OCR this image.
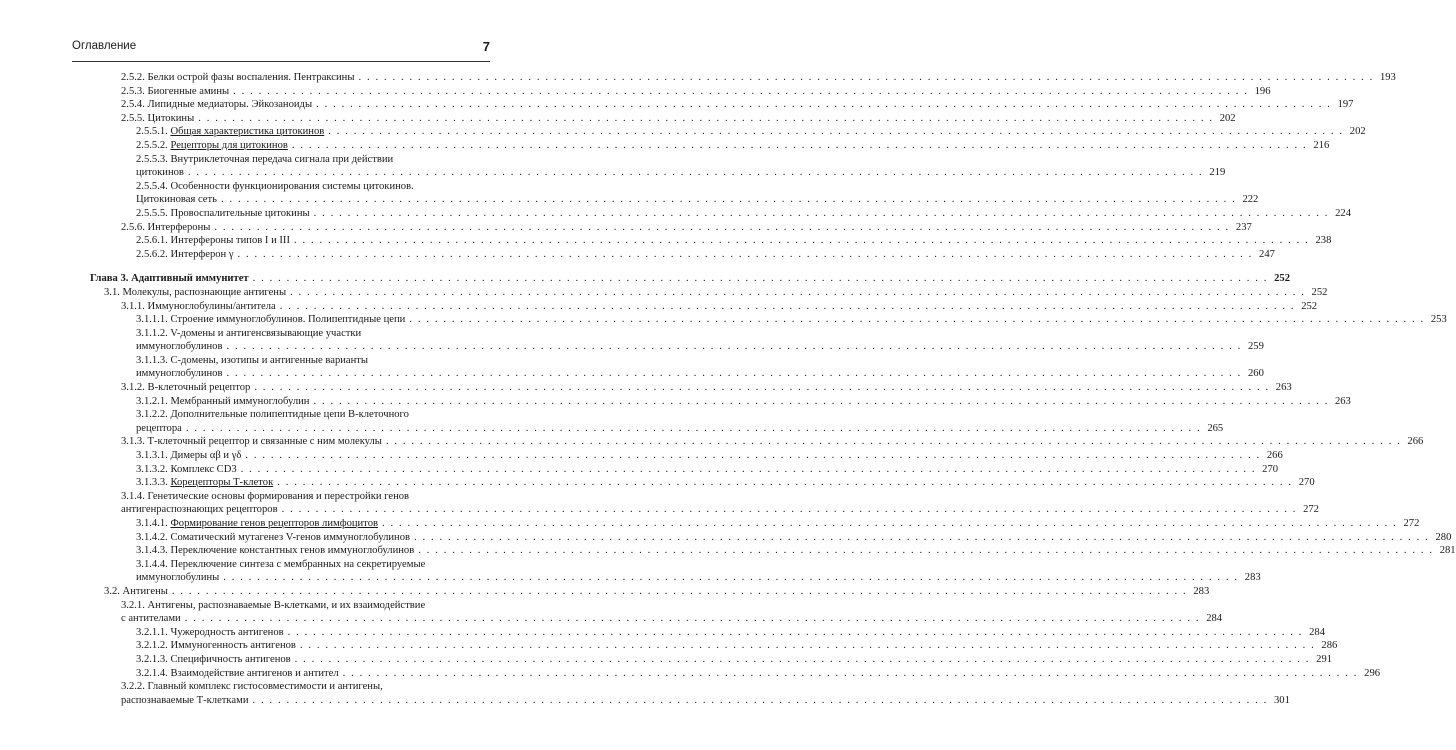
Оглавление	7
2.5.2. Белки острой фазы воспаления. Пентраксины . . . . . . . . . . . . . . . . . . . . . . . . . . . . . . . . . . . . . . . . . . . . . . . . . . . . . . . . . . . . . . . . . . . . . . . . . . . . . . . . . . . . . . . . . . . . . . . . . . . . . . . . . . . . . . . . . . . . . . . . 193
2.5.3. Биогенные амины . . . . . . . . . . . . . . . . . . . . . . . . . . . . . . . . . . . . . . . . . . . . . . . . . . . . . . . . . . . . . . . . . . . . . . . . . . . . . . . . . . . . . . . . . . . . . . . . . . . . . . . . . . . . . . . . . . . . . . . . 196
2.5.4. Липидные медиаторы. Эйкозаноиды . . . . . . . . . . . . . . . . . . . . . . . . . . . . . . . . . . . . . . . . . . . . . . . . . . . . . . . . . . . . . . . . . . . . . . . . . . . . . . . . . . . . . . . . . . . . . . . . . . . . . . . . . . . . . . . . . . . . . . . . 197
2.5.5. Цитокины . . . . . . . . . . . . . . . . . . . . . . . . . . . . . . . . . . . . . . . . . . . . . . . . . . . . . . . . . . . . . . . . . . . . . . . . . . . . . . . . . . . . . . . . . . . . . . . . . . . . . . . . . . . . . . . . . . . . . . . . 202
2.5.5.1. Общая характеристика цитокинов . . . . . . . . . . . . . . . . . . . . . . . . . . . . . . . . . . . . . . . . . . . . . . . . . . . . . . . . . . . . . . . . . . . . . . . . . . . . . . . . . . . . . . . . . . . . . . . . . . . . . . . . . . . . . . . . . . . . . . . . 202
2.5.5.2. Рецепторы для цитокинов . . . . . . . . . . . . . . . . . . . . . . . . . . . . . . . . . . . . . . . . . . . . . . . . . . . . . . . . . . . . . . . . . . . . . . . . . . . . . . . . . . . . . . . . . . . . . . . . . . . . . . . . . . . . . . . . . . . . . . . . 216
2.5.5.3. Внутриклеточная передача сигнала при действии
цитокинов . . . . . . . . . . . . . . . . . . . . . . . . . . . . . . . . . . . . . . . . . . . . . . . . . . . . . . . . . . . . . . . . . . . . . . . . . . . . . . . . . . . . . . . . . . . . . . . . . . . . . . . . . . . . . . . . . . . . . . . . 219
2.5.5.4. Особенности функционирования системы цитокинов.
Цитокиновая сеть . . . . . . . . . . . . . . . . . . . . . . . . . . . . . . . . . . . . . . . . . . . . . . . . . . . . . . . . . . . . . . . . . . . . . . . . . . . . . . . . . . . . . . . . . . . . . . . . . . . . . . . . . . . . . . . . . . . . . . . . 222
2.5.5.5. Провоспалительные цитокины . . . . . . . . . . . . . . . . . . . . . . . . . . . . . . . . . . . . . . . . . . . . . . . . . . . . . . . . . . . . . . . . . . . . . . . . . . . . . . . . . . . . . . . . . . . . . . . . . . . . . . . . . . . . . . . . . . . . . . . . 224
2.5.6. Интерфероны . . . . . . . . . . . . . . . . . . . . . . . . . . . . . . . . . . . . . . . . . . . . . . . . . . . . . . . . . . . . . . . . . . . . . . . . . . . . . . . . . . . . . . . . . . . . . . . . . . . . . . . . . . . . . . . . . . . . . . . . 237
2.5.6.1. Интерфероны типов I и III . . . . . . . . . . . . . . . . . . . . . . . . . . . . . . . . . . . . . . . . . . . . . . . . . . . . . . . . . . . . . . . . . . . . . . . . . . . . . . . . . . . . . . . . . . . . . . . . . . . . . . . . . . . . . . . . . . . . . . . . 238
2.5.6.2. Интерферон γ . . . . . . . . . . . . . . . . . . . . . . . . . . . . . . . . . . . . . . . . . . . . . . . . . . . . . . . . . . . . . . . . . . . . . . . . . . . . . . . . . . . . . . . . . . . . . . . . . . . . . . . . . . . . . . . . . . . . . . . . 247
Глава 3. Адаптивный иммунитет . . . . . . . . . . . . . . . . . . . . . . . . . . . . . . . . . . . . . . . . . . . . . . . . . . . . . . . . . . . . . . . . . . . . . . . . . . . . . . . . . . . . . . . . . . . . . . . . . . . . . . . . . . . . . . . . . . . . . . . . 252
3.1. Молекулы, распознающие антигены . . . . . . . . . . . . . . . . . . . . . . . . . . . . . . . . . . . . . . . . . . . . . . . . . . . . . . . . . . . . . . . . . . . . . . . . . . . . . . . . . . . . . . . . . . . . . . . . . . . . . . . . . . . . . . . . . . . . . . . . 252
3.1.1. Иммуноглобулины/антитела . . . . . . . . . . . . . . . . . . . . . . . . . . . . . . . . . . . . . . . . . . . . . . . . . . . . . . . . . . . . . . . . . . . . . . . . . . . . . . . . . . . . . . . . . . . . . . . . . . . . . . . . . . . . . . . . . . . . . . . . 252
3.1.1.1. Строение иммуноглобулинов. Полипептидные цепи . . . . . . . . . . . . . . . . . . . . . . . . . . . . . . . . . . . . . . . . . . . . . . . . . . . . . . . . . . . . . . . . . . . . . . . . . . . . . . . . . . . . . . . . . . . . . . . . . . . . . . . . . . . . . . . . . . . . . . . . 253
3.1.1.2. V-домены и антигенсвязывающие участки
иммуноглобулинов . . . . . . . . . . . . . . . . . . . . . . . . . . . . . . . . . . . . . . . . . . . . . . . . . . . . . . . . . . . . . . . . . . . . . . . . . . . . . . . . . . . . . . . . . . . . . . . . . . . . . . . . . . . . . . . . . . . . . . . . 259
3.1.1.3. С-домены, изотипы и антигенные варианты
иммуноглобулинов . . . . . . . . . . . . . . . . . . . . . . . . . . . . . . . . . . . . . . . . . . . . . . . . . . . . . . . . . . . . . . . . . . . . . . . . . . . . . . . . . . . . . . . . . . . . . . . . . . . . . . . . . . . . . . . . . . . . . . . . 260
3.1.2. В-клеточный рецептор . . . . . . . . . . . . . . . . . . . . . . . . . . . . . . . . . . . . . . . . . . . . . . . . . . . . . . . . . . . . . . . . . . . . . . . . . . . . . . . . . . . . . . . . . . . . . . . . . . . . . . . . . . . . . . . . . . . . . . . . 263
3.1.2.1. Мембранный иммуноглобулин . . . . . . . . . . . . . . . . . . . . . . . . . . . . . . . . . . . . . . . . . . . . . . . . . . . . . . . . . . . . . . . . . . . . . . . . . . . . . . . . . . . . . . . . . . . . . . . . . . . . . . . . . . . . . . . . . . . . . . . . 263
3.1.2.2. Дополнительные полипептидные цепи В-клеточного
рецептора . . . . . . . . . . . . . . . . . . . . . . . . . . . . . . . . . . . . . . . . . . . . . . . . . . . . . . . . . . . . . . . . . . . . . . . . . . . . . . . . . . . . . . . . . . . . . . . . . . . . . . . . . . . . . . . . . . . . . . . . 265
3.1.3. Т-клеточный рецептор и связанные с ним молекулы . . . . . . . . . . . . . . . . . . . . . . . . . . . . . . . . . . . . . . . . . . . . . . . . . . . . . . . . . . . . . . . . . . . . . . . . . . . . . . . . . . . . . . . . . . . . . . . . . . . . . . . . . . . . . . . . . . . . . . . . 266
3.1.3.1. Димеры αβ и γδ . . . . . . . . . . . . . . . . . . . . . . . . . . . . . . . . . . . . . . . . . . . . . . . . . . . . . . . . . . . . . . . . . . . . . . . . . . . . . . . . . . . . . . . . . . . . . . . . . . . . . . . . . . . . . . . . . . . . . . . . 266
3.1.3.2. Комплекс CD3 . . . . . . . . . . . . . . . . . . . . . . . . . . . . . . . . . . . . . . . . . . . . . . . . . . . . . . . . . . . . . . . . . . . . . . . . . . . . . . . . . . . . . . . . . . . . . . . . . . . . . . . . . . . . . . . . . . . . . . . . 270
3.1.3.3. Корецепторы Т-клеток . . . . . . . . . . . . . . . . . . . . . . . . . . . . . . . . . . . . . . . . . . . . . . . . . . . . . . . . . . . . . . . . . . . . . . . . . . . . . . . . . . . . . . . . . . . . . . . . . . . . . . . . . . . . . . . . . . . . . . . . 270
3.1.4. Генетические основы формирования и перестройки генов
антигенраспознающих рецепторов . . . . . . . . . . . . . . . . . . . . . . . . . . . . . . . . . . . . . . . . . . . . . . . . . . . . . . . . . . . . . . . . . . . . . . . . . . . . . . . . . . . . . . . . . . . . . . . . . . . . . . . . . . . . . . . . . . . . . . . . 272
3.1.4.1. Формирование генов рецепторов лимфоцитов . . . . . . . . . . . . . . . . . . . . . . . . . . . . . . . . . . . . . . . . . . . . . . . . . . . . . . . . . . . . . . . . . . . . . . . . . . . . . . . . . . . . . . . . . . . . . . . . . . . . . . . . . . . . . . . . . . . . . . . . 272
3.1.4.2. Соматический мутагенез V-генов иммуноглобулинов . . . . . . . . . . . . . . . . . . . . . . . . . . . . . . . . . . . . . . . . . . . . . . . . . . . . . . . . . . . . . . . . . . . . . . . . . . . . . . . . . . . . . . . . . . . . . . . . . . . . . . . . . . . . . . . . . . . . . . . . 280
3.1.4.3. Переключение константных генов иммуноглобулинов . . . . . . . . . . . . . . . . . . . . . . . . . . . . . . . . . . . . . . . . . . . . . . . . . . . . . . . . . . . . . . . . . . . . . . . . . . . . . . . . . . . . . . . . . . . . . . . . . . . . . . . . . . . . . . . . . . . . . . . . 281
3.1.4.4. Переключение синтеза с мембранных на секретируемые
иммуноглобулины . . . . . . . . . . . . . . . . . . . . . . . . . . . . . . . . . . . . . . . . . . . . . . . . . . . . . . . . . . . . . . . . . . . . . . . . . . . . . . . . . . . . . . . . . . . . . . . . . . . . . . . . . . . . . . . . . . . . . . . . 283
3.2. Антигены . . . . . . . . . . . . . . . . . . . . . . . . . . . . . . . . . . . . . . . . . . . . . . . . . . . . . . . . . . . . . . . . . . . . . . . . . . . . . . . . . . . . . . . . . . . . . . . . . . . . . . . . . . . . . . . . . . . . . . . . 283
3.2.1. Антигены, распознаваемые В-клетками, и их взаимодействие
с антителами . . . . . . . . . . . . . . . . . . . . . . . . . . . . . . . . . . . . . . . . . . . . . . . . . . . . . . . . . . . . . . . . . . . . . . . . . . . . . . . . . . . . . . . . . . . . . . . . . . . . . . . . . . . . . . . . . . . . . . . . 284
3.2.1.1. Чужеродность антигенов . . . . . . . . . . . . . . . . . . . . . . . . . . . . . . . . . . . . . . . . . . . . . . . . . . . . . . . . . . . . . . . . . . . . . . . . . . . . . . . . . . . . . . . . . . . . . . . . . . . . . . . . . . . . . . . . . . . . . . . . 284
3.2.1.2. Иммуногенность антигенов . . . . . . . . . . . . . . . . . . . . . . . . . . . . . . . . . . . . . . . . . . . . . . . . . . . . . . . . . . . . . . . . . . . . . . . . . . . . . . . . . . . . . . . . . . . . . . . . . . . . . . . . . . . . . . . . . . . . . . . . 286
3.2.1.3. Специфичность антигенов . . . . . . . . . . . . . . . . . . . . . . . . . . . . . . . . . . . . . . . . . . . . . . . . . . . . . . . . . . . . . . . . . . . . . . . . . . . . . . . . . . . . . . . . . . . . . . . . . . . . . . . . . . . . . . . . . . . . . . . . 291
3.2.1.4. Взаимодействие антигенов и антител . . . . . . . . . . . . . . . . . . . . . . . . . . . . . . . . . . . . . . . . . . . . . . . . . . . . . . . . . . . . . . . . . . . . . . . . . . . . . . . . . . . . . . . . . . . . . . . . . . . . . . . . . . . . . . . . . . . . . . . . 296
3.2.2. Главный комплекс гистосовместимости и антигены,
распознаваемые Т-клетками . . . . . . . . . . . . . . . . . . . . . . . . . . . . . . . . . . . . . . . . . . . . . . . . . . . . . . . . . . . . . . . . . . . . . . . . . . . . . . . . . . . . . . . . . . . . . . . . . . . . . . . . . . . . . . . . . . . . . . . . 301
